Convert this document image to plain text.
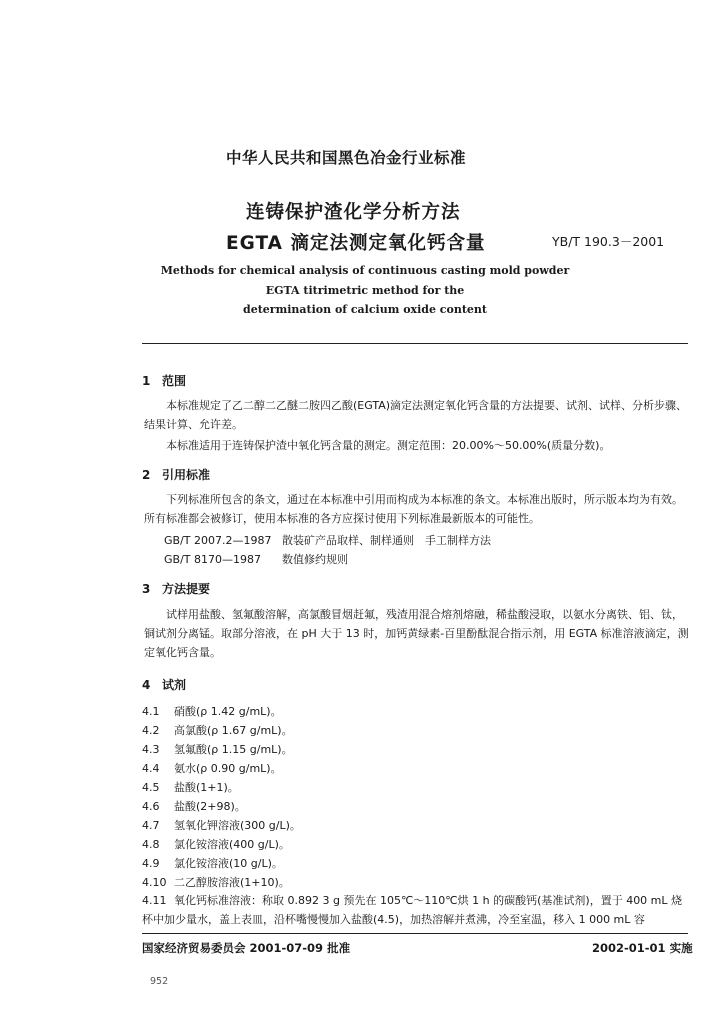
中华人民共和国黑色冶金行业标准
连铸保护渣化学分析方法
EGTA 滴定法测定氧化钙含量	YB/T 190.3－2001
Methods for chemical analysis of continuous casting mold powder
EGTA titrimetric method for the
determination of calcium oxide content
1 范围
本标准规定了乙二醇二乙醚二胺四乙酸(EGTA)滴定法测定氧化钙含量的方法提要、试剂、试样、分析步骤、结果计算、允许差。
本标准适用于连铸保护渣中氧化钙含量的测定。测定范围：20.00%～50.00%(质量分数)。
2 引用标准
下列标准所包含的条文，通过在本标准中引用而构成为本标准的条文。本标准出版时，所示版本均为有效。所有标准都会被修订，使用本标准的各方应探讨使用下列标准最新版本的可能性。
GB/T 2007.2—1987 散装矿产品取样、制样通则　手工制样方法
GB/T 8170—1987 数值修约规则
3 方法提要
试样用盐酸、氢氟酸溶解，高氯酸冒烟赶氟，残渣用混合熔剂熔融，稀盐酸浸取，以氨水分离铁、铝、钛，铜试剂分离锰。取部分溶液，在 pH 大于 13 时，加钙黄绿素-百里酚酞混合指示剂，用 EGTA 标准溶液滴定，测定氧化钙含量。
4 试剂
4.1 硝酸(ρ 1.42 g/mL)。
4.2 高氯酸(ρ 1.67 g/mL)。
4.3 氢氟酸(ρ 1.15 g/mL)。
4.4 氨水(ρ 0.90 g/mL)。
4.5 盐酸(1+1)。
4.6 盐酸(2+98)。
4.7 氢氧化钾溶液(300 g/L)。
4.8 氯化铵溶液(400 g/L)。
4.9 氯化铵溶液(10 g/L)。
4.10 二乙醇胺溶液(1+10)。
4.11 氧化钙标准溶液：称取 0.892 3 g 预先在 105℃～110℃烘 1 h 的碳酸钙(基准试剂)，置于 400 mL 烧杯中加少量水，盖上表皿，沿杯嘴慢慢加入盐酸(4.5)，加热溶解并煮沸，冷至室温，移入 1 000 mL 容
国家经济贸易委员会 2001-07-09 批准	2002-01-01 实施
952
